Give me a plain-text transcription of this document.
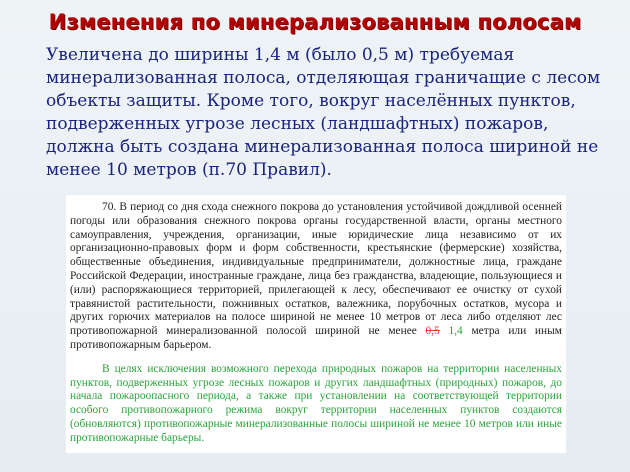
Изменения по минерализованным полосам
Увеличена до ширины 1,4 м (было 0,5 м) требуемая минерализованная полоса, отделяющая граничащие с лесом объекты защиты. Кроме того, вокруг населённых пунктов, подверженных угрозе лесных (ландшафтных) пожаров, должна быть создана минерализованная полоса шириной не менее 10 метров (п.70 Правил).

70. В период со дня схода снежного покрова до установления устойчивой дождливой осенней погоды или образования снежного покрова органы государственной власти, органы местного самоуправления, учреждения, организации, иные юридические лица независимо от их организационно-правовых форм и форм собственности, крестьянские (фермерские) хозяйства, общественные объединения, индивидуальные предприниматели, должностные лица, граждане Российской Федерации, иностранные граждане, лица без гражданства, владеющие, пользующиеся и (или) распоряжающиеся территорией, прилегающей к лесу, обеспечивают ее очистку от сухой травянистой растительности, пожнивных остатков, валежника, порубочных остатков, мусора и других горючих материалов на полосе шириной не менее 10 метров от леса либо отделяют лес противопожарной минерализованной полосой шириной не менее 0,5 1,4 метра или иным противопожарным барьером.

В целях исключения возможного перехода природных пожаров на территории населенных пунктов, подверженных угрозе лесных пожаров и других ландшафтных (природных) пожаров, до начала пожароопасного периода, а также при установлении на соответствующей территории особого противопожарного режима вокруг территории населенных пунктов создаются (обновляются) противопожарные минерализованные полосы шириной не менее 10 метров или иные противопожарные барьеры.
